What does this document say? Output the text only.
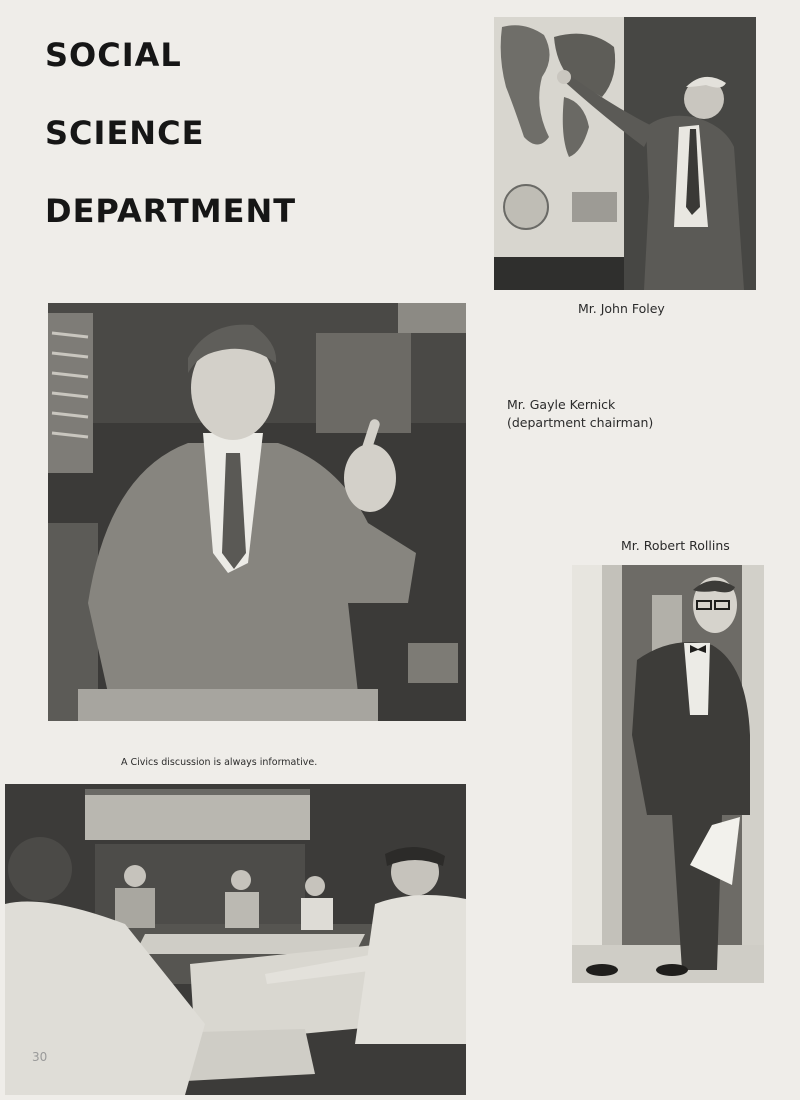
SOCIAL
SCIENCE
DEPARTMENT
Mr. John Foley
Mr. Gayle Kernick
(department chairman)
A Civics discussion is always informative.
Mr. Robert Rollins
30
